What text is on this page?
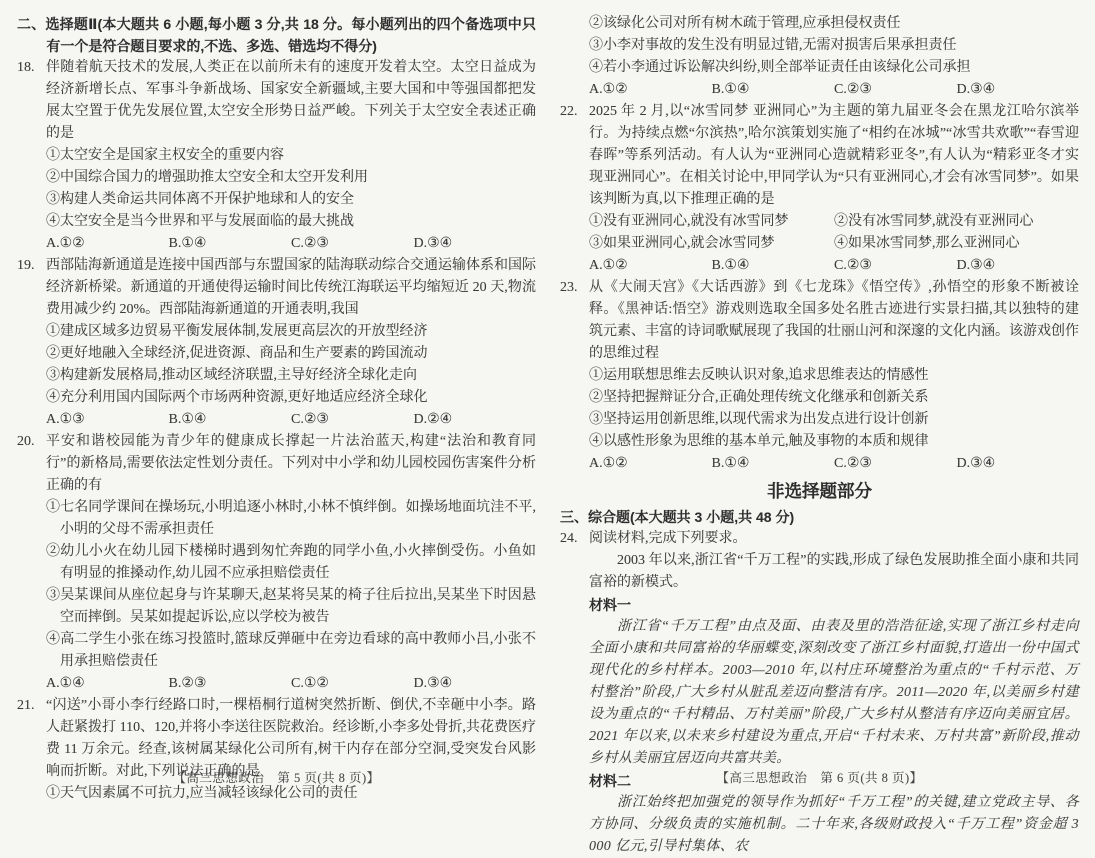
二、选择题Ⅱ(本大题共 6 小题,每小题 3 分,共 18 分。每小题列出的四个备选项中只有一个是符合题目要求的,不选、多选、错选均不得分)
18. 伴随着航天技术的发展,人类正在以前所未有的速度开发着太空。太空日益成为经济新增长点、军事斗争新战场、国家安全新疆域,主要大国和中等强国都把发展太空置于优先发展位置,太空安全形势日益严峻。下列关于太空安全表述正确的是
①太空安全是国家主权安全的重要内容
②中国综合国力的增强助推太空安全和太空开发利用
③构建人类命运共同体离不开保护地球和人的安全
④太空安全是当今世界和平与发展面临的最大挑战
A.①②	B.①④	C.②③	D.③④
19. 西部陆海新通道是连接中国西部与东盟国家的陆海联动综合交通运输体系和国际经济新桥梁。新通道的开通使得运输时间比传统江海联运平均缩短近 20 天,物流费用减少约 20%。西部陆海新通道的开通表明,我国
①建成区域多边贸易平衡发展体制,发展更高层次的开放型经济
②更好地融入全球经济,促进资源、商品和生产要素的跨国流动
③构建新发展格局,推动区域经济联盟,主导好经济全球化走向
④充分利用国内国际两个市场两种资源,更好地适应经济全球化
A.①③	B.①④	C.②③	D.②④
20. 平安和谐校园能为青少年的健康成长撑起一片法治蓝天,构建“法治和教育同行”的新格局,需要依法定性划分责任。下列对中小学和幼儿园校园伤害案件分析正确的有
①七名同学课间在操场玩,小明追逐小林时,小林不慎绊倒。如操场地面坑洼不平,小明的父母不需承担责任
②幼儿小火在幼儿园下楼梯时遇到匆忙奔跑的同学小鱼,小火摔倒受伤。小鱼如有明显的推搡动作,幼儿园不应承担赔偿责任
③吴某课间从座位起身与许某聊天,赵某将吴某的椅子往后拉出,吴某坐下时因悬空而摔倒。吴某如提起诉讼,应以学校为被告
④高二学生小张在练习投篮时,篮球反弹砸中在旁边看球的高中教师小吕,小张不用承担赔偿责任
A.①④	B.②③	C.①②	D.③④
21. “闪送”小哥小李行经路口时,一棵梧桐行道树突然折断、倒伏,不幸砸中小李。路人赶紧拨打 110、120,并将小李送往医院救治。经诊断,小李多处骨折,共花费医疗费 11 万余元。经查,该树属某绿化公司所有,树干内存在部分空洞,受突发台风影响而折断。对此,下列说法正确的是
①天气因素属不可抗力,应当减轻该绿化公司的责任
【高三思想政治　第 5 页(共 8 页)】
②该绿化公司对所有树木疏于管理,应承担侵权责任
③小李对事故的发生没有明显过错,无需对损害后果承担责任
④若小李通过诉讼解决纠纷,则全部举证责任由该绿化公司承担
A.①②	B.①④	C.②③	D.③④
22. 2025 年 2 月,以“冰雪同梦 亚洲同心”为主题的第九届亚冬会在黑龙江哈尔滨举行。为持续点燃“尔滨热”,哈尔滨策划实施了“相约在冰城”“冰雪共欢歌”“春雪迎春晖”等系列活动。有人认为“亚洲同心造就精彩亚冬”,有人认为“精彩亚冬才实现亚洲同心”。在相关讨论中,甲同学认为“只有亚洲同心,才会有冰雪同梦”。如果该判断为真,以下推理正确的是
①没有亚洲同心,就没有冰雪同梦	②没有冰雪同梦,就没有亚洲同心
③如果亚洲同心,就会冰雪同梦	④如果冰雪同梦,那么亚洲同心
A.①②	B.①④	C.②③	D.③④
23. 从《大闹天宫》《大话西游》到《七龙珠》《悟空传》,孙悟空的形象不断被诠释。《黑神话:悟空》游戏则选取全国多处名胜古迹进行实景扫描,其以独特的建筑元素、丰富的诗词歌赋展现了我国的壮丽山河和深邃的文化内涵。该游戏创作的思维过程
①运用联想思维去反映认识对象,追求思维表达的情感性
②坚持把握辩证分合,正确处理传统文化继承和创新关系
③坚持运用创新思维,以现代需求为出发点进行设计创新
④以感性形象为思维的基本单元,触及事物的本质和规律
A.①②	B.①④	C.②③	D.③④
非选择题部分
三、综合题(本大题共 3 小题,共 48 分)
24. 阅读材料,完成下列要求。
2003 年以来,浙江省“千万工程”的实践,形成了绿色发展助推全面小康和共同富裕的新模式。
材料一
浙江省“千万工程”由点及面、由表及里的浩浩征途,实现了浙江乡村走向全面小康和共同富裕的华丽蝶变,深刻改变了浙江乡村面貌,打造出一份中国式现代化的乡村样本。2003—2010 年,以村庄环境整治为重点的“千村示范、万村整治”阶段,广大乡村从脏乱差迈向整洁有序。2011—2020 年,以美丽乡村建设为重点的“千村精品、万村美丽”阶段,广大乡村从整洁有序迈向美丽宜居。2021 年以来,以未来乡村建设为重点,开启“千村未来、万村共富”新阶段,推动乡村从美丽宜居迈向共富共美。
材料二
浙江始终把加强党的领导作为抓好“千万工程”的关键,建立党政主导、各方协同、分级负责的实施机制。二十年来,各级财政投入“千万工程”资金超 3 000 亿元,引导村集体、农
【高三思想政治　第 6 页(共 8 页)】
